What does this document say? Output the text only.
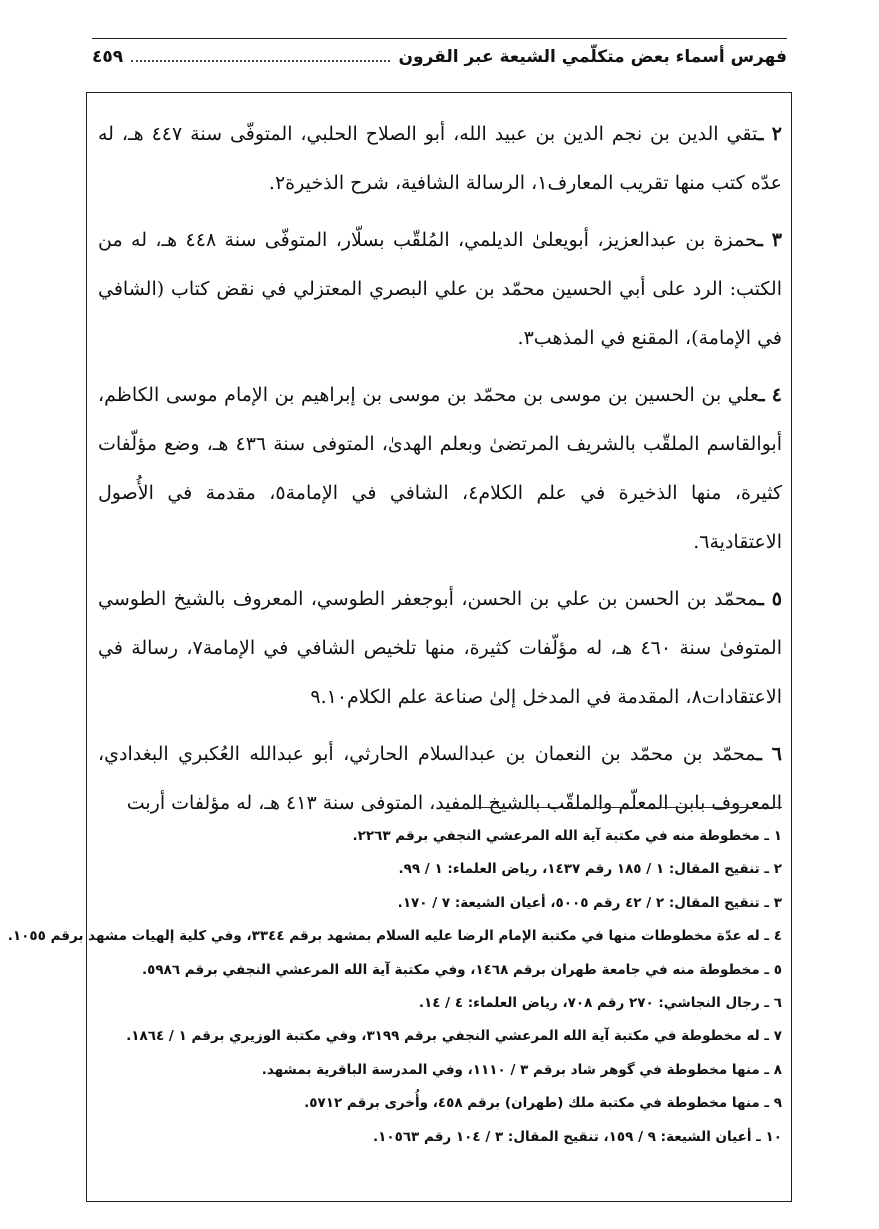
فهرس أسماء بعض متكلّمي الشيعة عبر القرون
٤٥٩

٢ ـتقي الدين بن نجم الدين بن عبيد الله، أبو الصلاح الحلبي، المتوفّى سنة ٤٤٧ هـ، له عدّه كتب منها تقريب المعارف١، الرسالة الشافية، شرح الذخيرة٢.

٣ ـحمزة بن عبدالعزيز، أبويعلىٰ الديلمي، المُلقّب بسلّار، المتوفّى سنة ٤٤٨ هـ، له من الكتب: الرد على أبي الحسين محمّد بن علي البصري المعتزلي في نقض كتاب (الشافي في الإمامة)، المقنع في المذهب٣.

٤ ـعلي بن الحسين بن موسى بن محمّد بن موسى بن إبراهيم بن الإمام موسى الكاظم، أبوالقاسم الملقّب بالشريف المرتضىٰ وبعلم الهدىٰ، المتوفى سنة ٤٣٦ هـ، وضع مؤلّفات كثيرة، منها الذخيرة في علم الكلام٤، الشافي في الإمامة٥، مقدمة في الأُصول الاعتقادية٦.

٥ ـمحمّد بن الحسن بن علي بن الحسن، أبوجعفر الطوسي، المعروف بالشيخ الطوسي المتوفىٰ سنة ٤٦٠ هـ، له مؤلّفات كثيرة، منها تلخيص الشافي في الإمامة٧، رسالة في الاعتقادات٨، المقدمة في المدخل إلىٰ صناعة علم الكلام٩.١٠

٦ ـمحمّد بن محمّد بن النعمان بن عبدالسلام الحارثي، أبو عبدالله العُكبري البغدادي، المعروف بابن المعلّم والملقّب بالشيخ المفيد، المتوفى سنة ٤١٣ هـ، له مؤلفات أربت

١ ـ مخطوطة منه في مكتبة آية الله المرعشي النجفي برقم ٢٢٦٣.
٢ ـ تنقيح المقال: ١ / ١٨٥ رقم ١٤٣٧، رياض العلماء: ١ / ٩٩.
٣ ـ تنقيح المقال: ٢ / ٤٢ رقم ٥٠٠٥، أعيان الشيعة: ٧ / ١٧٠.
٤ ـ له عدّة مخطوطات منها في مكتبة الإمام الرضا عليه السلام بمشهد برقم ٣٣٤٤، وفي كلية إلهيات مشهد برقم ١٠٥٥.
٥ ـ مخطوطة منه في جامعة طهران برقم ١٤٦٨، وفي مكتبة آية الله المرعشي النجفي برقم ٥٩٨٦.
٦ ـ رجال النجاشي: ٢٧٠ رقم ٧٠٨، رياض العلماء: ٤ / ١٤.
٧ ـ له مخطوطة في مكتبة آية الله المرعشي النجفي برقم ٣١٩٩، وفي مكتبة الوزيري برقم ١ / ١٨٦٤.
٨ ـ منها مخطوطة في گوهر شاد برقم ٣ / ١١١٠، وفي المدرسة الباقرية بمشهد.
٩ ـ منها مخطوطة في مكتبة ملك (طهران) برقم ٤٥٨، وأُخرى برقم ٥٧١٢.
١٠ ـ أعيان الشيعة: ٩ / ١٥٩، تنقيح المقال: ٣ / ١٠٤ رقم ١٠٥٦٣.
